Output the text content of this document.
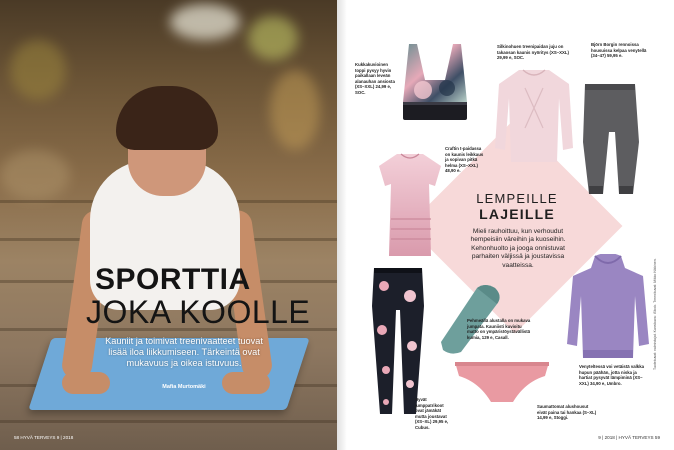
SPORTTIA
JOKA KOOLLE
Kauniit ja toimivat treenivaatteet tuovat lisää iloa liikkumiseen. Tärkeintä ovat mukavuus ja oikea istuvuus.
Mafia Murtomäki
58 HYVÄ TERVEYS 9 | 2018
LEMPEILLE
LAJEILLE
Mieli rauhoittuu, kun verhoudut hempeisiin väreihin ja kuoseihin. Kehonhuolto ja jooga onnistuvat parhaiten väljissä ja joustavissa vaatteissa.
Kukkakuvioinen toppi pysyy hyvin paikallaan leveän alanauhan ansiosta (XS–XXL) 24,99 e, SOC.
Silkinohuen treenipaidan juju on takaosan kaunis nyöritys (XS–XXL) 29,99 e, SOC.
Björn Borgin rennoissa housuissa kelpaa venytellä (34–47) 59,95 e.
Craftin t-paidassa on kaunis leikkaus ja sopivan pitkä helma (XS–XXL) 48,90 e.
Hyvät jumppatrikoot ovat jämäkät mutta joustavat (XS–XL) 29,95 e, Cubus.
Pehmeällä alustalla on mukava jumpata. Kauniisti kuvioitu matto on ympäristöystävällistä kumia, 129 e, Casall.
Saumattomat alushousut eivät paina tai hankaa (S–XL) 14,99 e, Stoggi.
Venyteltessä voi vetäistä valkka hupun päähän, jotta niska ja hartiat pysyvät lämpiminä (XS–XXL) 34,90 e, Umbro.
Tuotekuvat: valmistajat. Kansikuva: iStock. Treenikuvat: Mikko Nikkinen.
9 | 2018 | HYVÄ TERVEYS 59
